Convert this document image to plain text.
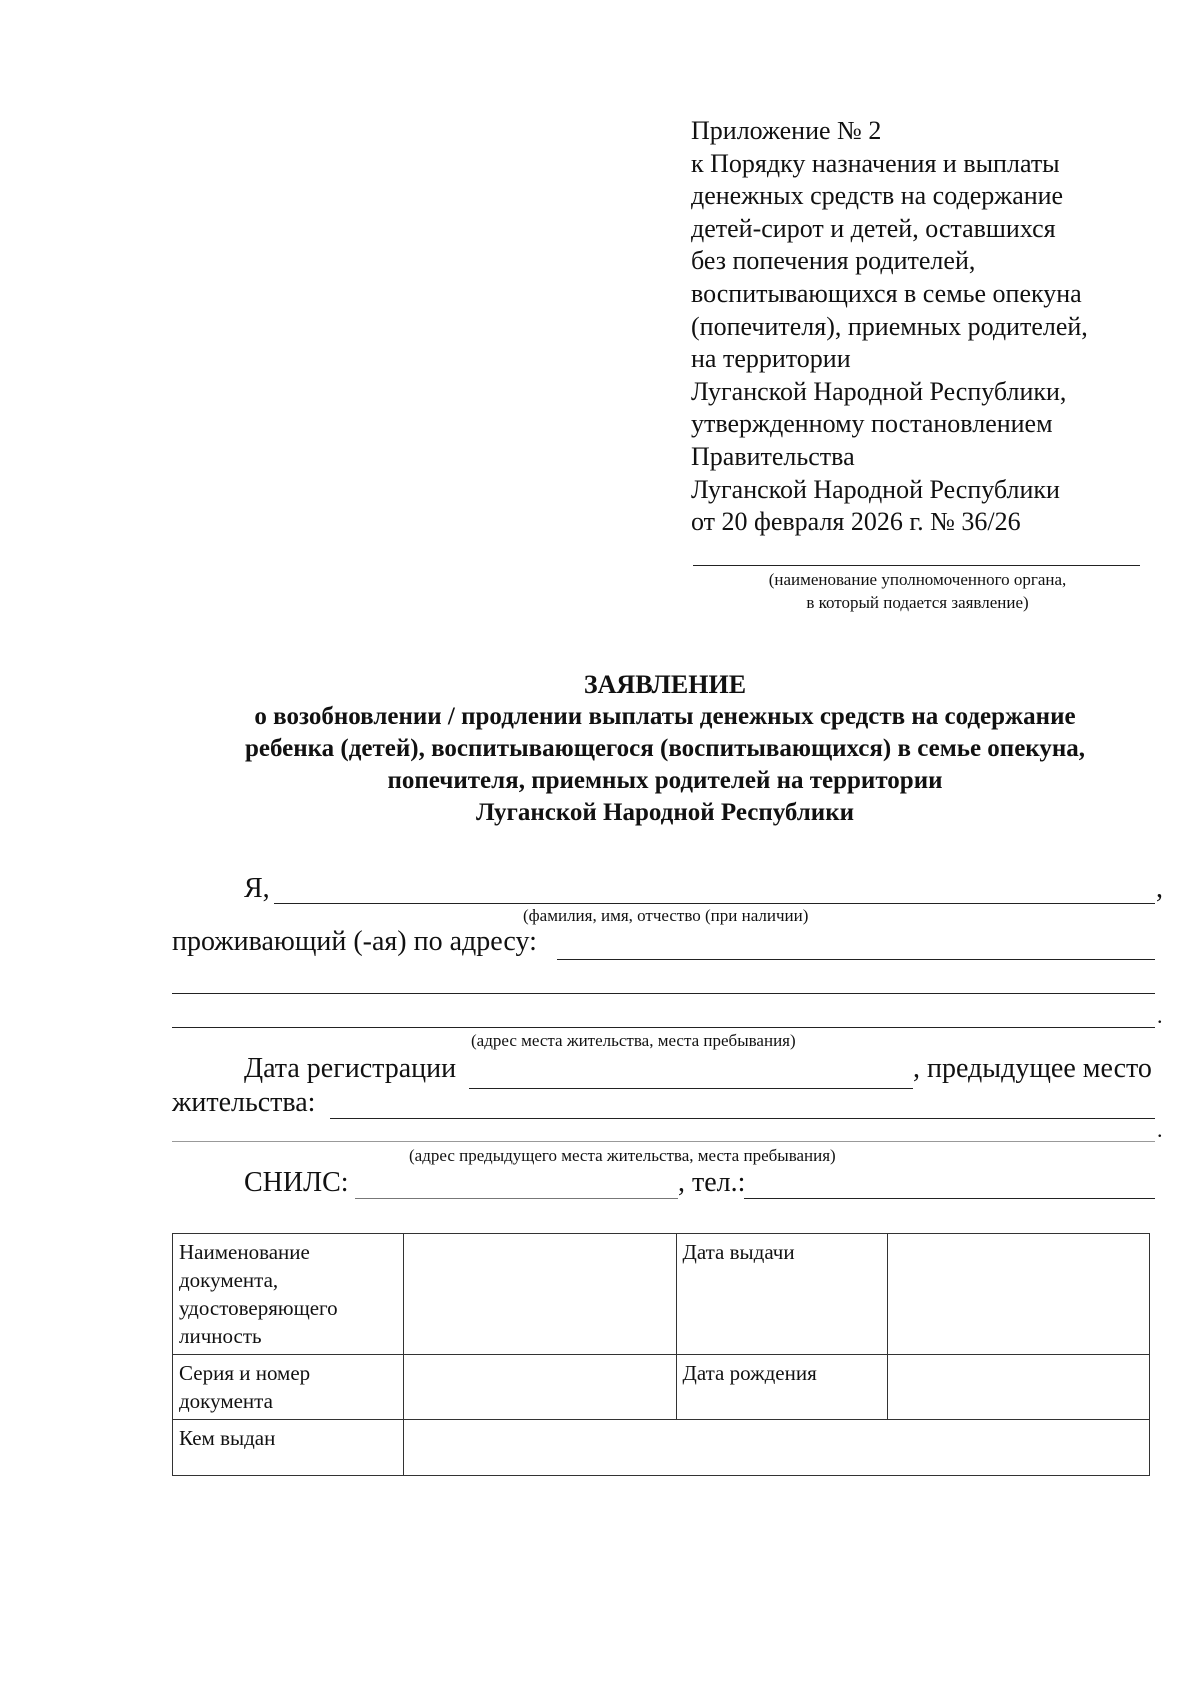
Приложение № 2
к Порядку назначения и выплаты
денежных средств на содержание
детей-сирот и детей, оставшихся
без попечения родителей,
воспитывающихся в семье опекуна
(попечителя), приемных родителей,
на территории
Луганской Народной Республики,
утвержденному постановлением
Правительства
Луганской Народной Республики
от 20 февраля 2026 г. № 36/26
(наименование уполномоченного органа,
в который подается заявление)
ЗАЯВЛЕНИЕ
о возобновлении / продлении выплаты денежных средств на содержание
ребенка (детей), воспитывающегося (воспитывающихся) в семье опекуна,
попечителя, приемных родителей на территории
Луганской Народной Республики
Я,	,
(фамилия, имя, отчество (при наличии)
проживающий (-ая) по адресу:
.
(адрес места жительства, места пребывания)
Дата регистрации	, предыдущее место
жительства:
.
(адрес предыдущего места жительства, места пребывания)
СНИЛС:	, тел.:
Наименование документа, удостоверяющего личность		Дата выдачи	
Серия и номер документа		Дата рождения	
Кем выдан			
